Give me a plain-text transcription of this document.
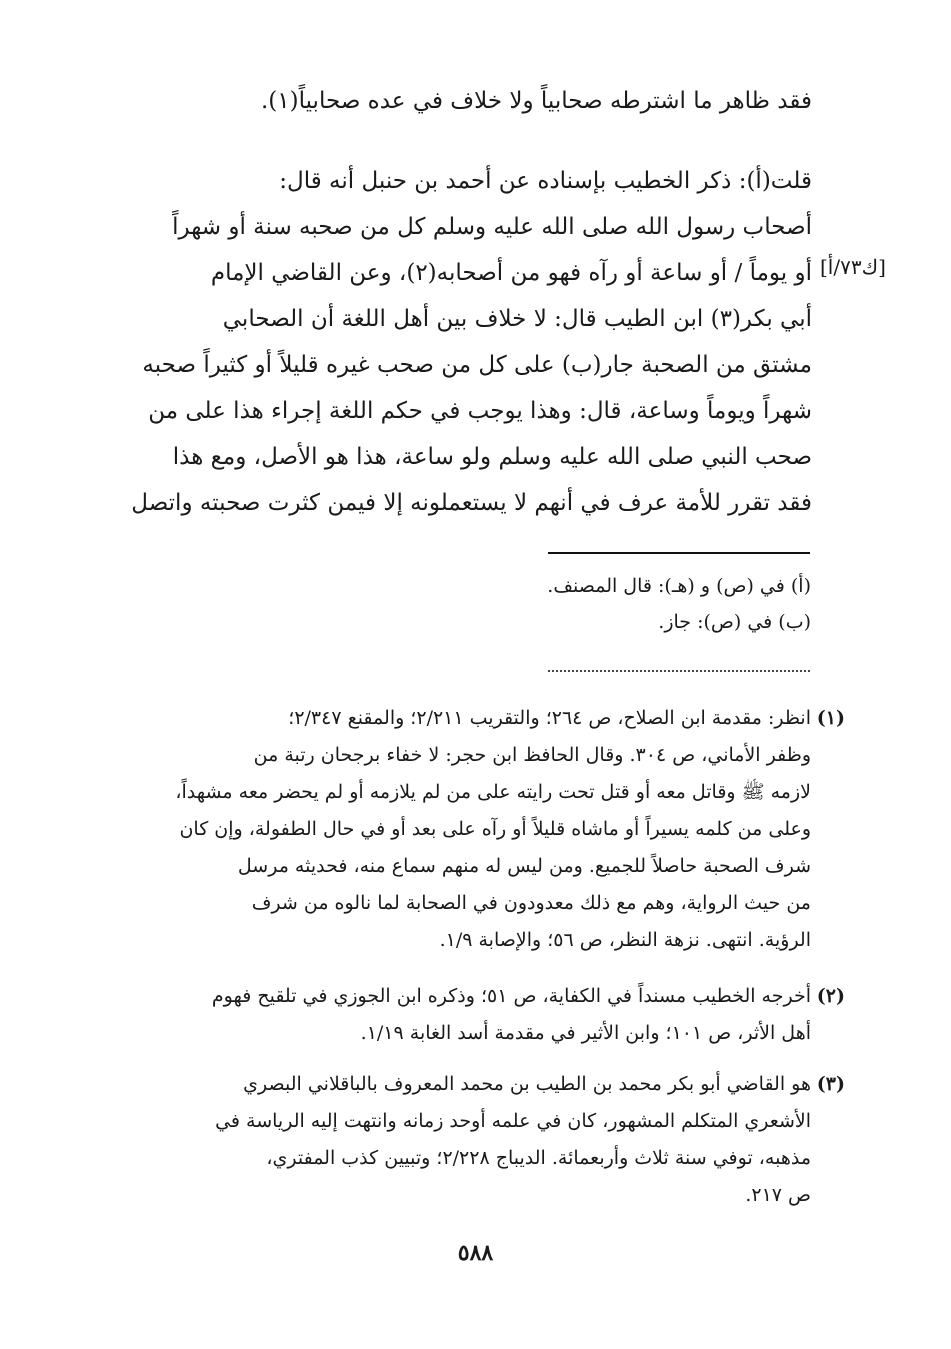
فقد ظاهر ما اشترطه صحابياً ولا خلاف في عده صحابياً(١).
[ك٧٣/أ]
قلت(أ): ذكر الخطيب بإسناده عن أحمد بن حنبل أنه قال:
أصحاب رسول الله صلى الله عليه وسلم كل من صحبه سنة أو شهراً
أو يوماً / أو ساعة أو رآه فهو من أصحابه(٢)، وعن القاضي الإمام
أبي بكر(٣) ابن الطيب قال: لا خلاف بين أهل اللغة أن الصحابي
مشتق من الصحبة جار(ب) على كل من صحب غيره قليلاً أو كثيراً صحبه
شهراً ويوماً وساعة، قال: وهذا يوجب في حكم اللغة إجراء هذا على من
صحب النبي صلى الله عليه وسلم ولو ساعة، هذا هو الأصل، ومع هذا
فقد تقرر للأمة عرف في أنهم لا يستعملونه إلا فيمن كثرت صحبته واتصل
(أ) في (ص) و (هـ): قال المصنف.
(ب) في (ص): جاز.
(١)
انظر: مقدمة ابن الصلاح، ص ٢٦٤؛ والتقريب ٢/٢١١؛ والمقنع ٢/٣٤٧؛
وظفر الأماني، ص ٣٠٤. وقال الحافظ ابن حجر: لا خفاء برجحان رتبة من
لازمه ﷺ وقاتل معه أو قتل تحت رايته على من لم يلازمه أو لم يحضر معه مشهداً،
وعلى من كلمه يسيراً أو ماشاه قليلاً أو رآه على بعد أو في حال الطفولة، وإن كان
شرف الصحبة حاصلاً للجميع. ومن ليس له منهم سماع منه، فحديثه مرسل
من حيث الرواية، وهم مع ذلك معدودون في الصحابة لما نالوه من شرف
الرؤية. انتهى. نزهة النظر، ص ٥٦؛ والإصابة ١/٩.
(٢)
أخرجه الخطيب مسنداً في الكفاية، ص ٥١؛ وذكره ابن الجوزي في تلقيح فهوم
أهل الأثر، ص ١٠١؛ وابن الأثير في مقدمة أسد الغابة ١/١٩.
(٣)
هو القاضي أبو بكر محمد بن الطيب بن محمد المعروف بالباقلاني البصري
الأشعري المتكلم المشهور، كان في علمه أوحد زمانه وانتهت إليه الرياسة في
مذهبه، توفي سنة ثلاث وأربعمائة. الديباج ٢/٢٢٨؛ وتبيين كذب المفتري،
ص ٢١٧.
٥٨٨
